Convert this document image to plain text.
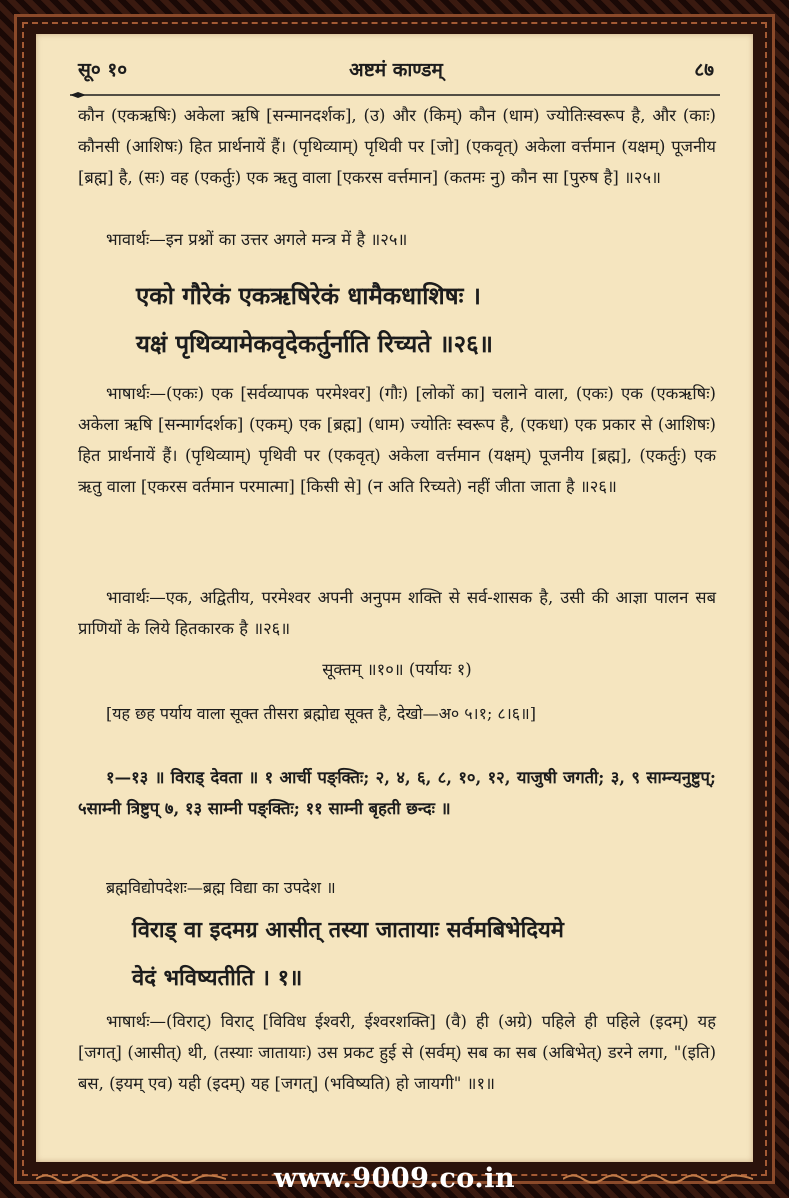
सू० १०	अष्टमं काण्डम्	८७
कौन (एकऋषिः) अकेला ऋषि [सन्मानदर्शक], (उ) और (किम्) कौन (धाम) ज्योतिःस्वरूप है, और (काः) कौनसी (आशिषः) हित प्रार्थनायें हैं। (पृथिव्याम्) पृथिवी पर [जो] (एकवृत्) अकेला वर्त्तमान (यक्षम्) पूजनीय [ब्रह्म] है, (सः) वह (एकर्तुः) एक ऋतु वाला [एकरस वर्त्तमान] (कतमः नु) कौन सा [पुरुष है] ॥२५॥
भावार्थः—इन प्रश्नों का उत्तर अगले मन्त्र में है ॥२५॥
एको गौरेकं एकऋषिरेकं धामैकधाशिषः ।
यक्षं पृथिव्यामेकवृदेकर्तुर्नाति रिच्यते ॥२६॥
भाषार्थः—(एकः) एक [सर्वव्यापक परमेश्वर] (गौः) [लोकों का] चलाने वाला, (एकः) एक (एकऋषिः) अकेला ऋषि [सन्मार्गदर्शक] (एकम्) एक [ब्रह्म] (धाम) ज्योतिः स्वरूप है, (एकधा) एक प्रकार से (आशिषः) हित प्रार्थनायें हैं। (पृथिव्याम्) पृथिवी पर (एकवृत्) अकेला वर्त्तमान (यक्षम्) पूजनीय [ब्रह्म], (एकर्तुः) एक ऋतु वाला [एकरस वर्तमान परमात्मा] [किसी से] (न अति रिच्यते) नहीं जीता जाता है ॥२६॥
भावार्थः—एक, अद्वितीय, परमेश्वर अपनी अनुपम शक्ति से सर्व-शासक है, उसी की आज्ञा पालन सब प्राणियों के लिये हितकारक है ॥२६॥
सूक्तम् ॥१०॥ (पर्यायः १)
[यह छह पर्याय वाला सूक्त तीसरा ब्रह्मोद्य सूक्त है, देखो—अ० ५।१; ८।६॥]
१—१३ ॥ विराड् देवता ॥ १ आर्ची पङ्क्तिः; २, ४, ६, ८, १०, १२, याजुषी जगती; ३, ९ साम्न्यनुष्टुप्; ५साम्नी त्रिष्टुप् ७, १३ साम्नी पङ्क्तिः; ११ साम्नी बृहती छन्दः ॥
ब्रह्मविद्योपदेशः—ब्रह्म विद्या का उपदेश ॥
विराड् वा इदमग्र आसीत् तस्या जातायाः सर्वमबिभेदियमे
वेदं भविष्यतीति । १॥
भाषार्थः—(विराट्) विराट् [विविध ईश्वरी, ईश्वरशक्ति] (वै) ही (अग्रे) पहिले ही पहिले (इदम्) यह [जगत्] (आसीत्) थी, (तस्याः जातायाः) उस प्रकट हुई से (सर्वम्) सब का सब (अबिभेत्) डरने लगा, "(इति) बस, (इयम् एव) यही (इदम्) यह [जगत्] (भविष्यति) हो जायगी" ॥१॥
www.9009.co.in
